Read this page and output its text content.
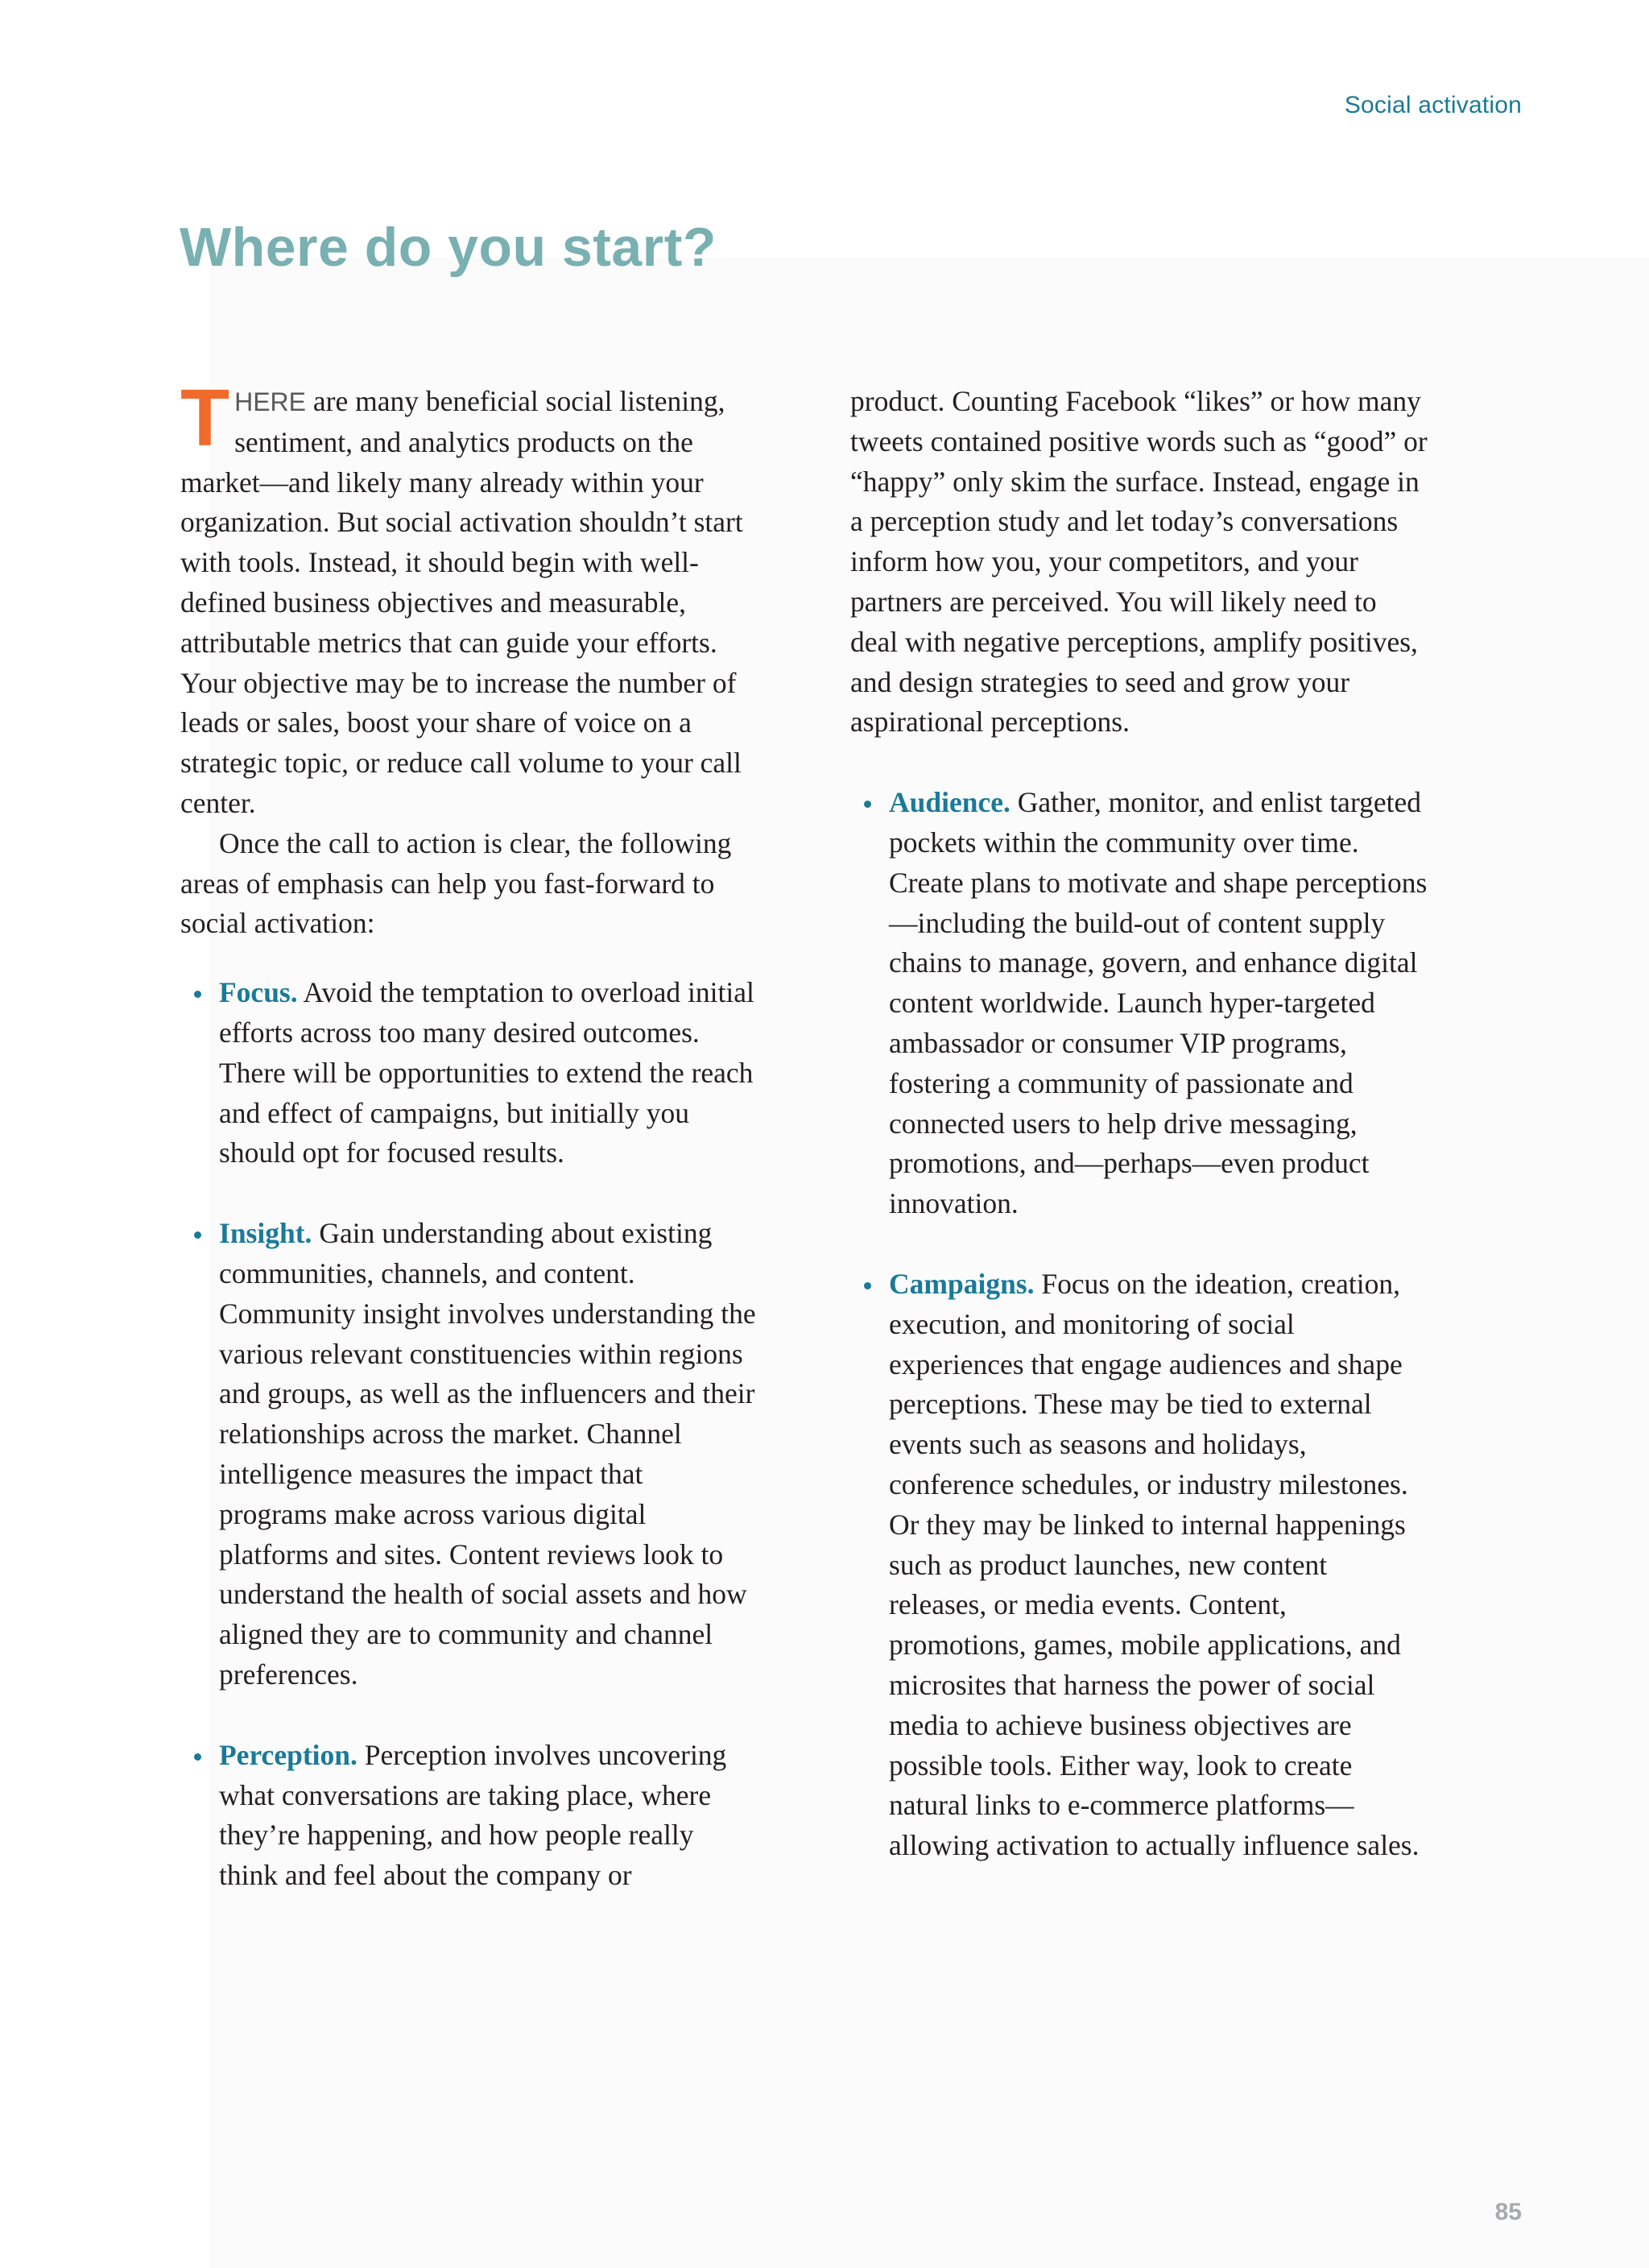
Social activation
Where do you start?

THERE are many beneficial social listening, sentiment, and analytics products on the market—and likely many already within your organization. But social activation shouldn’t start with tools. Instead, it should begin with well-defined business objectives and measurable, attributable metrics that can guide your efforts. Your objective may be to increase the number of leads or sales, boost your share of voice on a strategic topic, or reduce call volume to your call center.

Once the call to action is clear, the following areas of emphasis can help you fast-forward to social activation:

Focus. Avoid the temptation to overload initial efforts across too many desired outcomes. There will be opportunities to extend the reach and effect of campaigns, but initially you should opt for focused results.
Insight. Gain understanding about existing communities, channels, and content. Community insight involves understanding the various relevant constituencies within regions and groups, as well as the influencers and their relationships across the market. Channel intelligence measures the impact that programs make across various digital platforms and sites. Content reviews look to understand the health of social assets and how aligned they are to community and channel preferences.
Perception. Perception involves uncovering what conversations are taking place, where they’re happening, and how people really think and feel about the company or

product. Counting Facebook “likes” or how many tweets contained positive words such as “good” or “happy” only skim the surface. Instead, engage in a perception study and let today’s conversations inform how you, your competitors, and your partners are perceived. You will likely need to deal with negative perceptions, amplify positives, and design strategies to seed and grow your aspirational perceptions.

Audience. Gather, monitor, and enlist targeted pockets within the community over time. Create plans to motivate and shape perceptions—including the build-out of content supply chains to manage, govern, and enhance digital content worldwide. Launch hyper-targeted ambassador or consumer VIP programs, fostering a community of passionate and connected users to help drive messaging, promotions, and—perhaps—even product innovation.
Campaigns. Focus on the ideation, creation, execution, and monitoring of social experiences that engage audiences and shape perceptions. These may be tied to external events such as seasons and holidays, conference schedules, or industry milestones. Or they may be linked to internal happenings such as product launches, new content releases, or media events. Content, promotions, games, mobile applications, and microsites that harness the power of social media to achieve business objectives are possible tools. Either way, look to create natural links to e-commerce platforms—allowing activation to actually influence sales.
85
